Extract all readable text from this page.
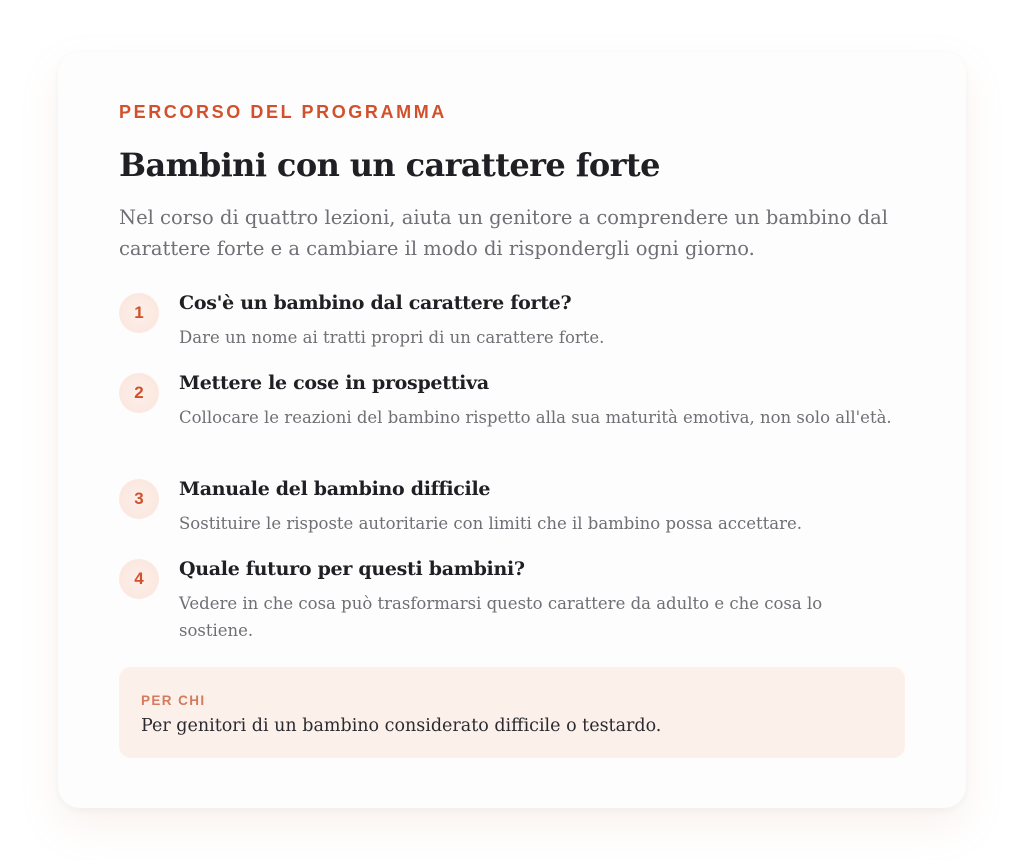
PERCORSO DEL PROGRAMMA
Bambini con un carattere forte

Nel corso di quattro lezioni, aiuta un genitore a comprendere un bambino dal carattere forte e a cambiare il modo di rispondergli ogni giorno.

1	Cos'è un bambino dal carattere forte?

Dare un nome ai tratti propri di un carattere forte.

2	Mettere le cose in prospettiva

Collocare le reazioni del bambino rispetto alla sua maturità emotiva, non solo all'età.

3	Manuale del bambino difficile

Sostituire le risposte autoritarie con limiti che il bambino possa accettare.

4	Quale futuro per questi bambini?

Vedere in che cosa può trasformarsi questo carattere da adulto e che cosa lo sostiene.

PER CHI

Per genitori di un bambino considerato difficile o testardo.
